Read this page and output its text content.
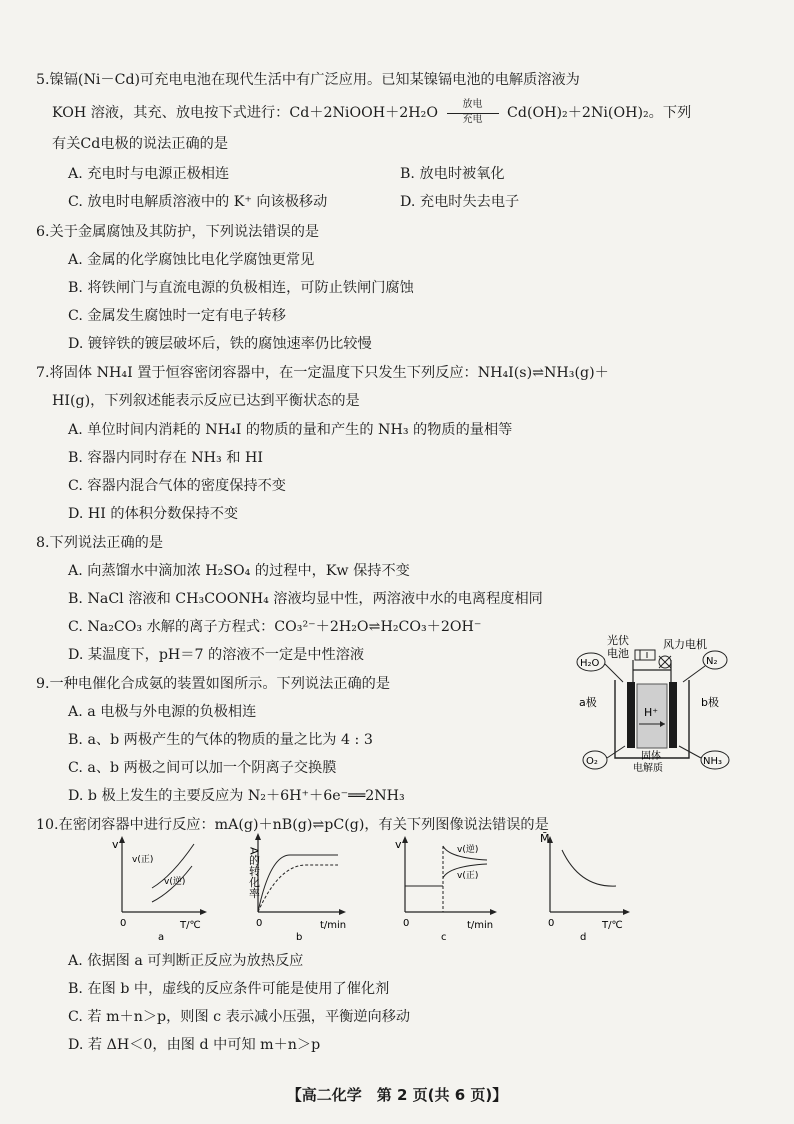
5.镍镉(Ni－Cd)可充电电池在现代生活中有广泛应用。已知某镍镉电池的电解质溶液为
KOH 溶液，其充、放电按下式进行：Cd＋2NiOOH＋2H₂O $\frac{\text{放电}}{\text{充电}} Cd(OH)_2+2Ni(OH)_2$。下列
有关Cd电极的说法正确的是
A. 充电时与电源正极相连	B. 放电时被氧化
C. 放电时电解质溶液中的 K⁺ 向该极移动	D. 充电时失去电子
6.关于金属腐蚀及其防护，下列说法错误的是
A. 金属的化学腐蚀比电化学腐蚀更常见
B. 将铁闸门与直流电源的负极相连，可防止铁闸门腐蚀
C. 金属发生腐蚀时一定有电子转移
D. 镀锌铁的镀层破坏后，铁的腐蚀速率仍比较慢
7.将固体 NH₄I 置于恒容密闭容器中，在一定温度下只发生下列反应：NH₄I(s)⇌NH₃(g)＋
HI(g)，下列叙述能表示反应已达到平衡状态的是
A. 单位时间内消耗的 NH₄I 的物质的量和产生的 NH₃ 的物质的量相等
B. 容器内同时存在 NH₃ 和 HI
C. 容器内混合气体的密度保持不变
D. HI 的体积分数保持不变
8.下列说法正确的是
A. 向蒸馏水中滴加浓 H₂SO₄ 的过程中，Kw 保持不变
B. NaCl 溶液和 CH₃COONH₄ 溶液均显中性，两溶液中水的电离程度相同
C. Na₂CO₃ 水解的离子方程式：CO₃²⁻＋2H₂O⇌H₂CO₃＋2OH⁻
D. 某温度下，pH＝7 的溶液不一定是中性溶液
9.一种电催化合成氨的装置如图所示。下列说法正确的是
A. a 电极与外电源的负极相连
B. a、b 两极产生的气体的物质的量之比为 4 : 3
C. a、b 两极之间可以加一个阴离子交换膜
D. b 极上发生的主要反应为 N₂＋6H⁺＋6e⁻══2NH₃
光伏
电池
风力电机
H⁺
固体
电解质
a极	b极
H₂O	N₂
O₂	NH₃
10.在密闭容器中进行反应：mA(g)＋nB(g)⇌pC(g)，有关下列图像说法错误的是
v
0	T/℃
v(正)
v(逆)
a
A的转化率
0	t/min
b
v
0	t/min
v(逆)
v(正)
c
M̄
0	T/℃
d
A. 依据图 a 可判断正反应为放热反应
B. 在图 b 中，虚线的反应条件可能是使用了催化剂
C. 若 m＋n＞p，则图 c 表示减小压强，平衡逆向移动
D. 若 ΔH＜0，由图 d 中可知 m＋n＞p
【高二化学　第 2 页(共 6 页)】
